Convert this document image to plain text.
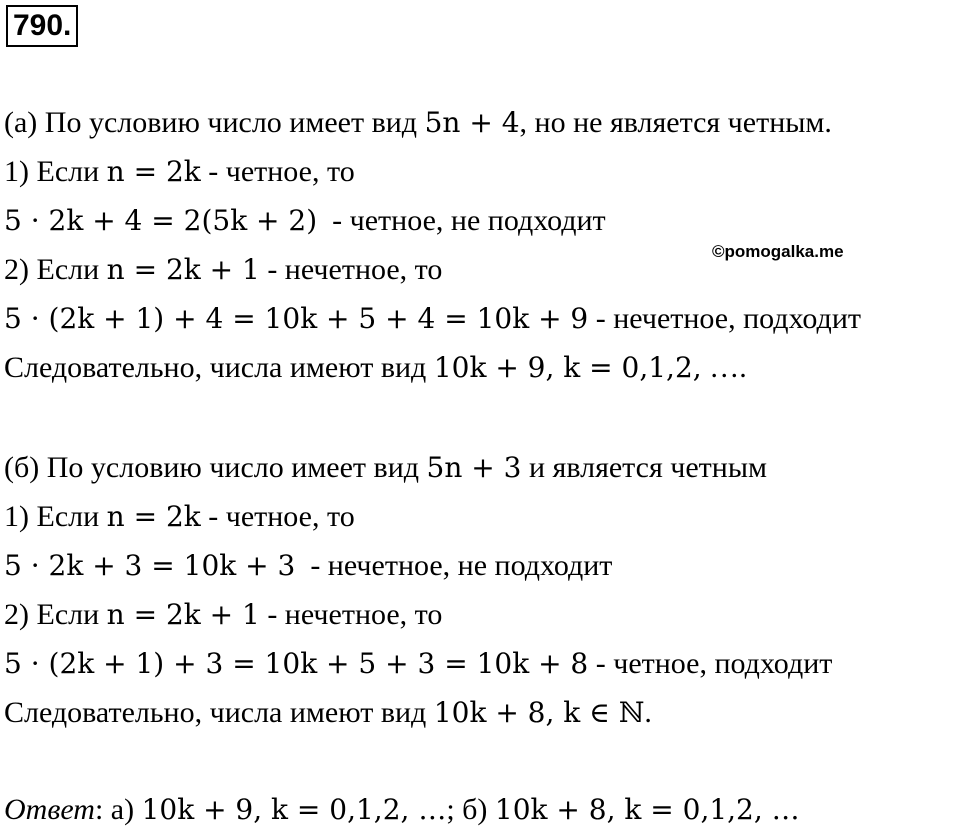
790.
(а) По условию число имеет вид 5n + 4, но не является четным.
1) Если n = 2k - четное, то
5 · 2k + 4 = 2(5k + 2)  - четное, не подходит
2) Если n = 2k + 1 - нечетное, то
5 · (2k + 1) + 4 = 10k + 5 + 4 = 10k + 9 - нечетное, подходит
Следовательно, числа имеют вид 10k + 9, k = 0,1,2, ….
©pomogalka.me
(б) По условию число имеет вид 5n + 3 и является четным
1) Если n = 2k - четное, то
5 · 2k + 3 = 10k + 3  - нечетное, не подходит
2) Если n = 2k + 1 - нечетное, то
5 · (2k + 1) + 3 = 10k + 5 + 3 = 10k + 8 - четное, подходит
Следовательно, числа имеют вид 10k + 8, k ∈ ℕ.
Ответ: а) 10k + 9, k = 0,1,2, …; б) 10k + 8, k = 0,1,2, …
